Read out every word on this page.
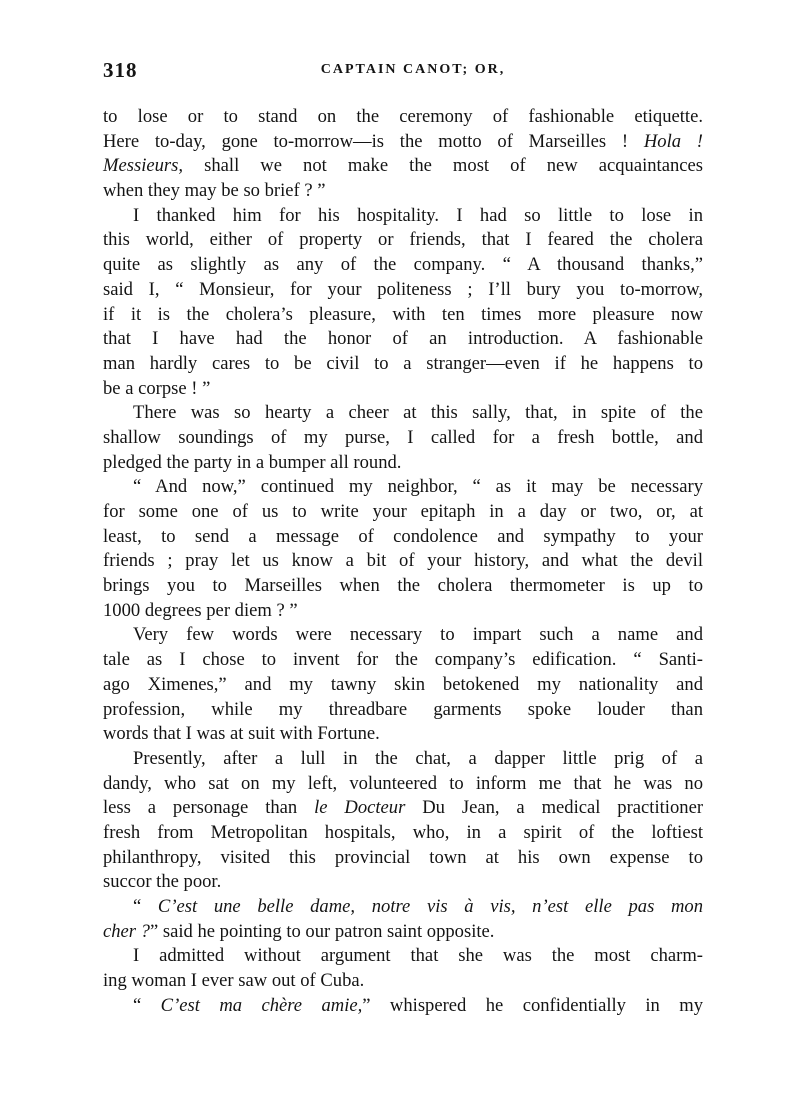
318	CAPTAIN CANOT; OR,
to lose or to stand on the ceremony of fashionable etiquette.
Here to-day, gone to-morrow—is the motto of Marseilles ! Hola !
Messieurs, shall we not make the most of new acquaintances
when they may be so brief ? ”
I thanked him for his hospitality. I had so little to lose in
this world, either of property or friends, that I feared the cholera
quite as slightly as any of the company. “ A thousand thanks,”
said I, “ Monsieur, for your politeness ; I’ll bury you to-morrow,
if it is the cholera’s pleasure, with ten times more pleasure now
that I have had the honor of an introduction. A fashionable
man hardly cares to be civil to a stranger—even if he happens to
be a corpse ! ”
There was so hearty a cheer at this sally, that, in spite of the
shallow soundings of my purse, I called for a fresh bottle, and
pledged the party in a bumper all round.
“ And now,” continued my neighbor, “ as it may be necessary
for some one of us to write your epitaph in a day or two, or, at
least, to send a message of condolence and sympathy to your
friends ; pray let us know a bit of your history, and what the devil
brings you to Marseilles when the cholera thermometer is up to
1000 degrees per diem ? ”
Very few words were necessary to impart such a name and
tale as I chose to invent for the company’s edification. “ Santi-
ago Ximenes,” and my tawny skin betokened my nationality and
profession, while my threadbare garments spoke louder than
words that I was at suit with Fortune.
Presently, after a lull in the chat, a dapper little prig of a
dandy, who sat on my left, volunteered to inform me that he was no
less a personage than le Docteur Du Jean, a medical practitioner
fresh from Metropolitan hospitals, who, in a spirit of the loftiest
philanthropy, visited this provincial town at his own expense to
succor the poor.
“ C’est une belle dame, notre vis à vis, n’est elle pas mon
cher ?” said he pointing to our patron saint opposite.
I admitted without argument that she was the most charm-
ing woman I ever saw out of Cuba.
“ C’est ma chère amie,” whispered he confidentially in my
